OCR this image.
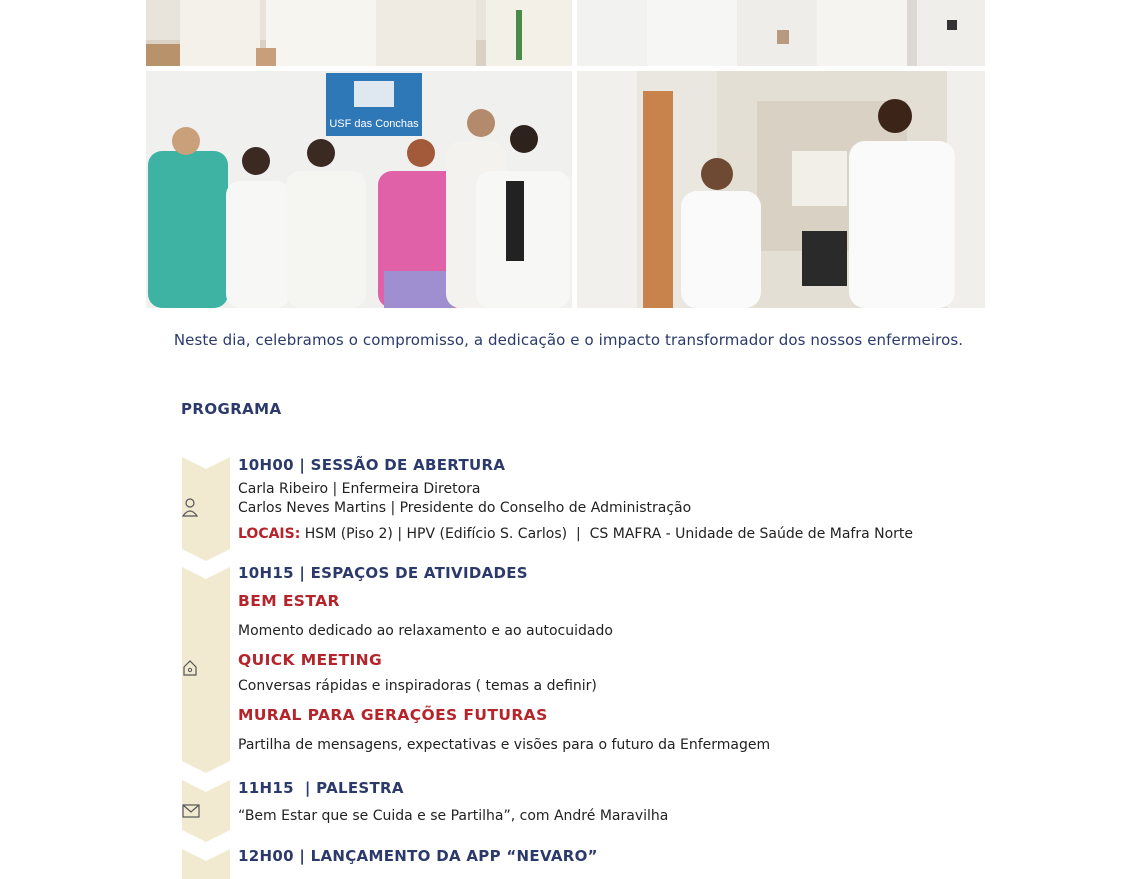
USF das Conchas
Neste dia, celebramos o compromisso, a dedicação e o impacto transformador dos nossos enfermeiros.
PROGRAMA
10H00 | SESSÃO DE ABERTURA
Carla Ribeiro | Enfermeira Diretora
Carlos Neves Martins | Presidente do Conselho de Administração
LOCAIS: HSM (Piso 2) | HPV (Edifício S. Carlos)  |  CS MAFRA - Unidade de Saúde de Mafra Norte
10H15 | ESPAÇOS DE ATIVIDADES
BEM ESTAR
Momento dedicado ao relaxamento e ao autocuidado
QUICK MEETING
Conversas rápidas e inspiradoras ( temas a definir)
MURAL PARA GERAÇÕES FUTURAS
Partilha de mensagens, expectativas e visões para o futuro da Enfermagem
11H15  | PALESTRA
“Bem Estar que se Cuida e se Partilha”, com André Maravilha
12H00 | LANÇAMENTO DA APP “NEVARO”
